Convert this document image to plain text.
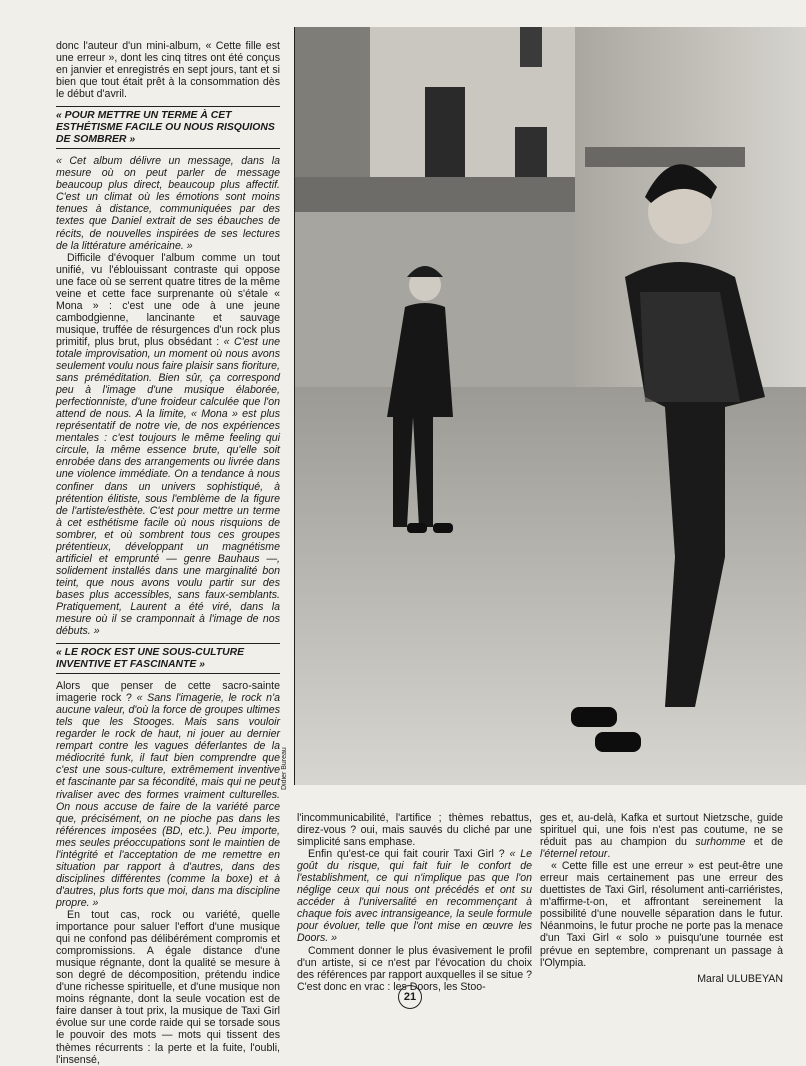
donc l'auteur d'un mini-album, « Cette fille est une erreur », dont les cinq titres ont été conçus en janvier et enregistrés en sept jours, tant et si bien que tout était prêt à la consommation dès le début d'avril.

« POUR METTRE UN TERME À CET ESTHÉTISME FACILE OU NOUS RISQUIONS DE SOMBRER »

« Cet album délivre un message, dans la mesure où on peut parler de message beaucoup plus direct, beaucoup plus affectif. C'est un climat où les émotions sont moins tenues à distance, communiquées par des textes que Daniel extrait de ses ébauches de récits, de nouvelles inspirées de ses lectures de la littérature américaine. »

Difficile d'évoquer l'album comme un tout unifié, vu l'éblouissant contraste qui oppose une face où se serrent quatre titres de la même veine et cette face surprenante où s'étale « Mona » : c'est une ode à une jeune cambodgienne, lancinante et sauvage musique, truffée de résurgences d'un rock plus primitif, plus brut, plus obsédant : « C'est une totale improvisation, un moment où nous avons seulement voulu nous faire plaisir sans fioriture, sans préméditation. Bien sûr, ça correspond peu à l'image d'une musique élaborée, perfectionniste, d'une froideur calculée que l'on attend de nous. A la limite, « Mona » est plus représentatif de notre vie, de nos expériences mentales : c'est toujours le même feeling qui circule, la même essence brute, qu'elle soit enrobée dans des arrangements ou livrée dans une violence immédiate. On a tendance à nous confiner dans un univers sophistiqué, à prétention élitiste, sous l'emblème de la figure de l'artiste/esthète. C'est pour mettre un terme à cet esthétisme facile où nous risquions de sombrer, et où sombrent tous ces groupes prétentieux, développant un magnétisme artificiel et emprunté — genre Bauhaus —, solidement installés dans une marginalité bon teint, que nous avons voulu partir sur des bases plus accessibles, sans faux-semblants. Pratiquement, Laurent a été viré, dans la mesure où il se cramponnait à l'image de nos débuts. »

« LE ROCK EST UNE SOUS-CULTURE INVENTIVE ET FASCINANTE »

Alors que penser de cette sacro-sainte imagerie rock ? « Sans l'imagerie, le rock n'a aucune valeur, d'où la force de groupes ultimes tels que les Stooges. Mais sans vouloir regarder le rock de haut, ni jouer au dernier rempart contre les vagues déferlantes de la médiocrité funk, il faut bien comprendre que c'est une sous-culture, extrêmement inventive et fascinante par sa fécondité, mais qui ne peut rivaliser avec des formes vraiment culturelles. On nous accuse de faire de la variété parce que, précisément, on ne pioche pas dans les références imposées (BD, etc.). Peu importe, mes seules préoccupations sont le maintien de l'intégrité et l'acceptation de me remettre en situation par rapport à d'autres, dans des disciplines différentes (comme la boxe) et à d'autres, plus forts que moi, dans ma discipline propre. »

En tout cas, rock ou variété, quelle importance pour saluer l'effort d'une musique qui ne confond pas délibérément compromis et compromissions. A égale distance d'une musique régnante, dont la qualité se mesure à son degré de décomposition, prétendu indice d'une richesse spirituelle, et d'une musique non moins régnante, dont la seule vocation est de faire danser à tout prix, la musique de Taxi Girl évolue sur une corde raide qui se torsade sous le pouvoir des mots — mots qui tissent des thèmes récurrents : la perte et la fuite, l'oubli, l'insensé,

Didier Bureau

l'incommunicabilité, l'artifice ; thèmes rebattus, direz-vous ? oui, mais sauvés du cliché par une simplicité sans emphase.

Enfin qu'est-ce qui fait courir Taxi Girl ? « Le goût du risque, qui fait fuir le confort de l'establishment, ce qui n'implique pas que l'on néglige ceux qui nous ont précédés et ont su accéder à l'universalité en recommençant à chaque fois avec intransigeance, la seule formule pour évoluer, telle que l'ont mise en œuvre les Doors. »

Comment donner le plus évasivement le profil d'un artiste, si ce n'est par l'évocation du choix des références par rapport auxquelles il se situe ? C'est donc en vrac : les Doors, les Stoo-

ges et, au-delà, Kafka et surtout Nietzsche, guide spirituel qui, une fois n'est pas coutume, ne se réduit pas au champion du surhomme et de l'éternel retour.

« Cette fille est une erreur » est peut-être une erreur mais certainement pas une erreur des duettistes de Taxi Girl, résolument anti-carriéristes, m'affirme-t-on, et affrontant sereinement la possibilité d'une nouvelle séparation dans le futur. Néanmoins, le futur proche ne porte pas la menace d'un Taxi Girl « solo » puisqu'une tournée est prévue en septembre, comprenant un passage à l'Olympia.

Maral ULUBEYAN
21
